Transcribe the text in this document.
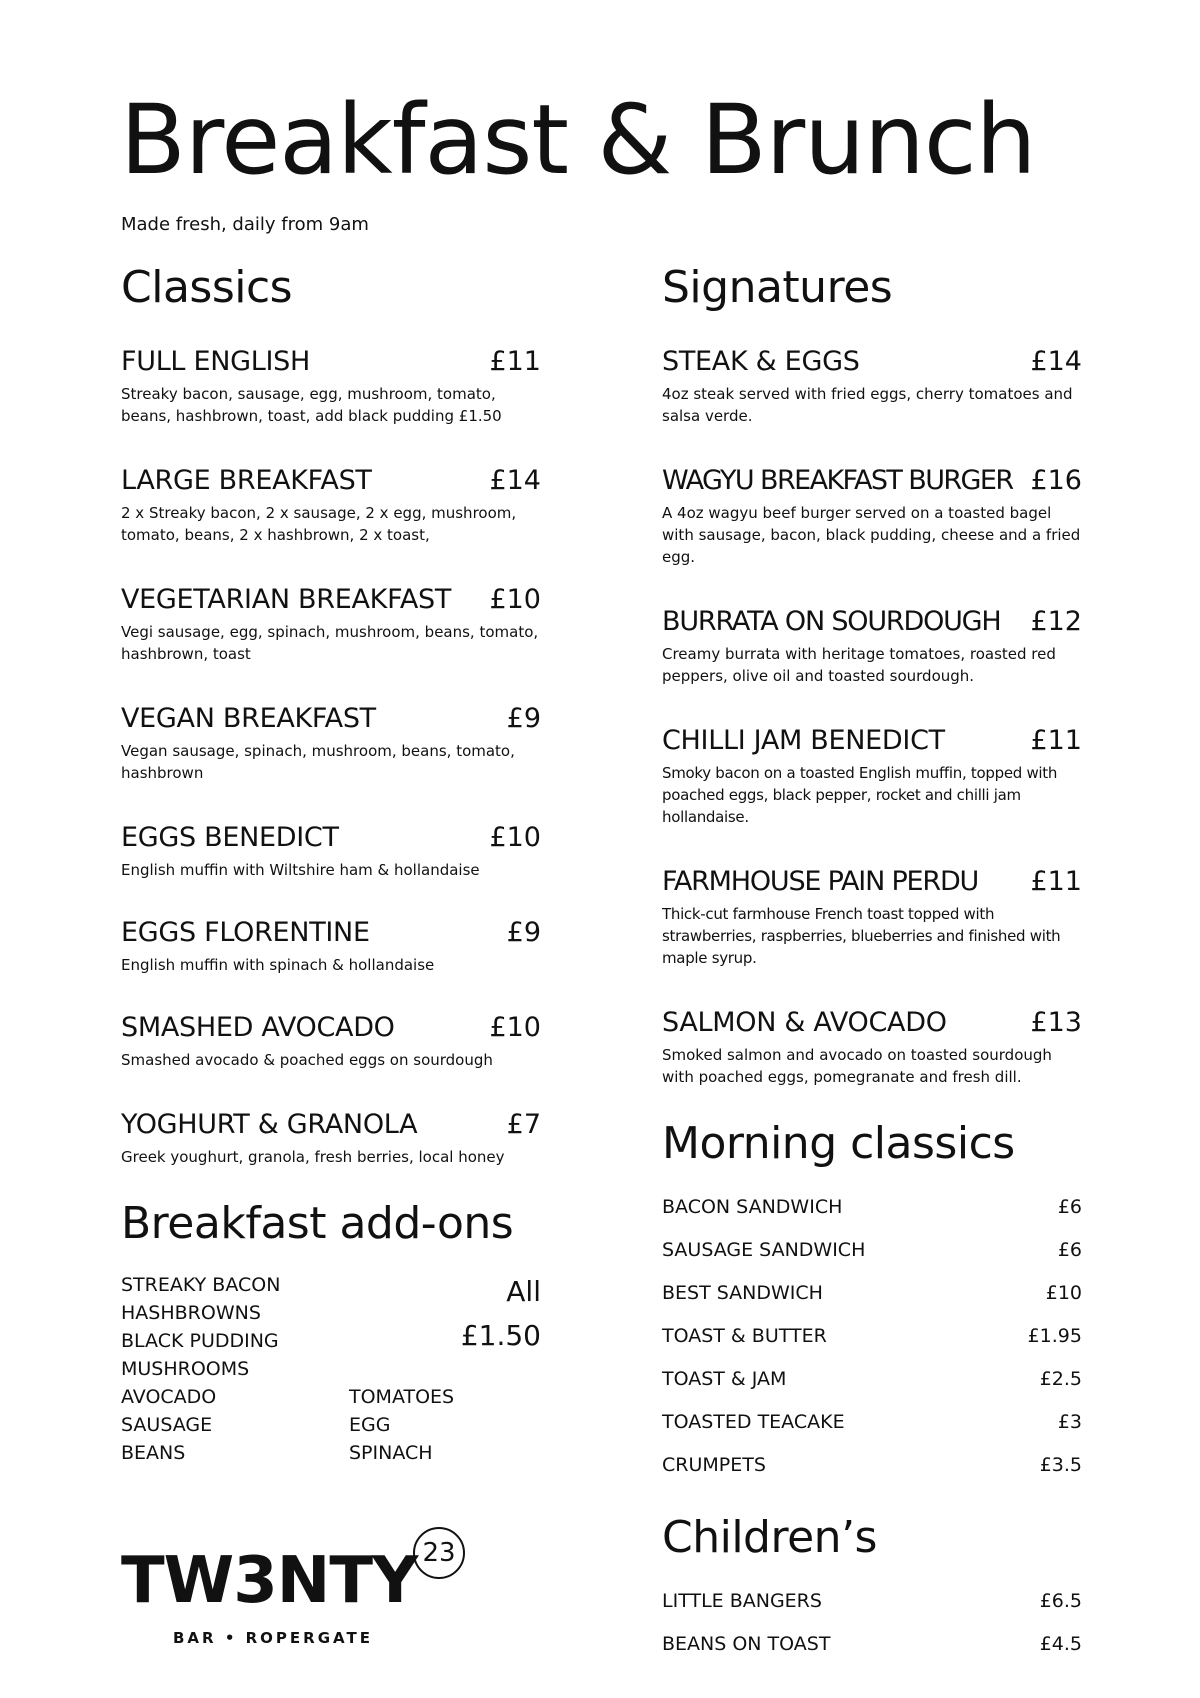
Breakfast & Brunch
Made fresh, daily from 9am
Classics
FULL ENGLISH	£11
Streaky bacon, sausage, egg, mushroom, tomato, beans, hashbrown, toast, add black pudding £1.50
LARGE BREAKFAST	£14
2 x Streaky bacon, 2 x sausage, 2 x egg, mushroom, tomato, beans, 2 x hashbrown, 2 x toast,
VEGETARIAN BREAKFAST £10
Vegi sausage, egg, spinach, mushroom, beans, tomato, hashbrown, toast
VEGAN BREAKFAST	£9
Vegan sausage, spinach, mushroom, beans, tomato, hashbrown
EGGS BENEDICT	£10
English muffin with Wiltshire ham & hollandaise
EGGS FLORENTINE	£9
English muffin with spinach & hollandaise
SMASHED AVOCADO	£10
Smashed avocado & poached eggs on sourdough
YOGHURT & GRANOLA	£7
Greek youghurt, granola, fresh berries, local honey
Breakfast add-ons
STREAKY BACON
HASHBROWNS
BLACK PUDDING
MUSHROOMS
AVOCADO
SAUSAGE
BEANS
TOMATOES
EGG
SPINACH
All
£1.50
Signatures
STEAK & EGGS	£14
4oz steak served with fried eggs, cherry tomatoes and salsa verde.
WAGYU BREAKFAST BURGER £16
A 4oz wagyu beef burger served on a toasted bagel with sausage, bacon, black pudding, cheese and a fried egg.
BURRATA ON SOURDOUGH £12
Creamy burrata with heritage tomatoes, roasted red peppers, olive oil and toasted sourdough.
CHILLI JAM BENEDICT	£11
Smoky bacon on a toasted English muffin, topped with poached eggs, black pepper, rocket and chilli jam hollandaise.
FARMHOUSE PAIN PERDU £11
Thick-cut farmhouse French toast topped with strawberries, raspberries, blueberries and finished with maple syrup.
SALMON & AVOCADO	£13
Smoked salmon and avocado on toasted sourdough with poached eggs, pomegranate and fresh dill.
Morning classics
BACON SANDWICH	£6
SAUSAGE SANDWICH	£6
BEST SANDWICH	£10
TOAST & BUTTER	£1.95
TOAST & JAM	£2.5
TOASTED TEACAKE	£3
CRUMPETS	£3.5
Children’s
LITTLE BANGERS	£6.5
BEANS ON TOAST	£4.5
TW3NTY 23
BAR • ROPERGATE
